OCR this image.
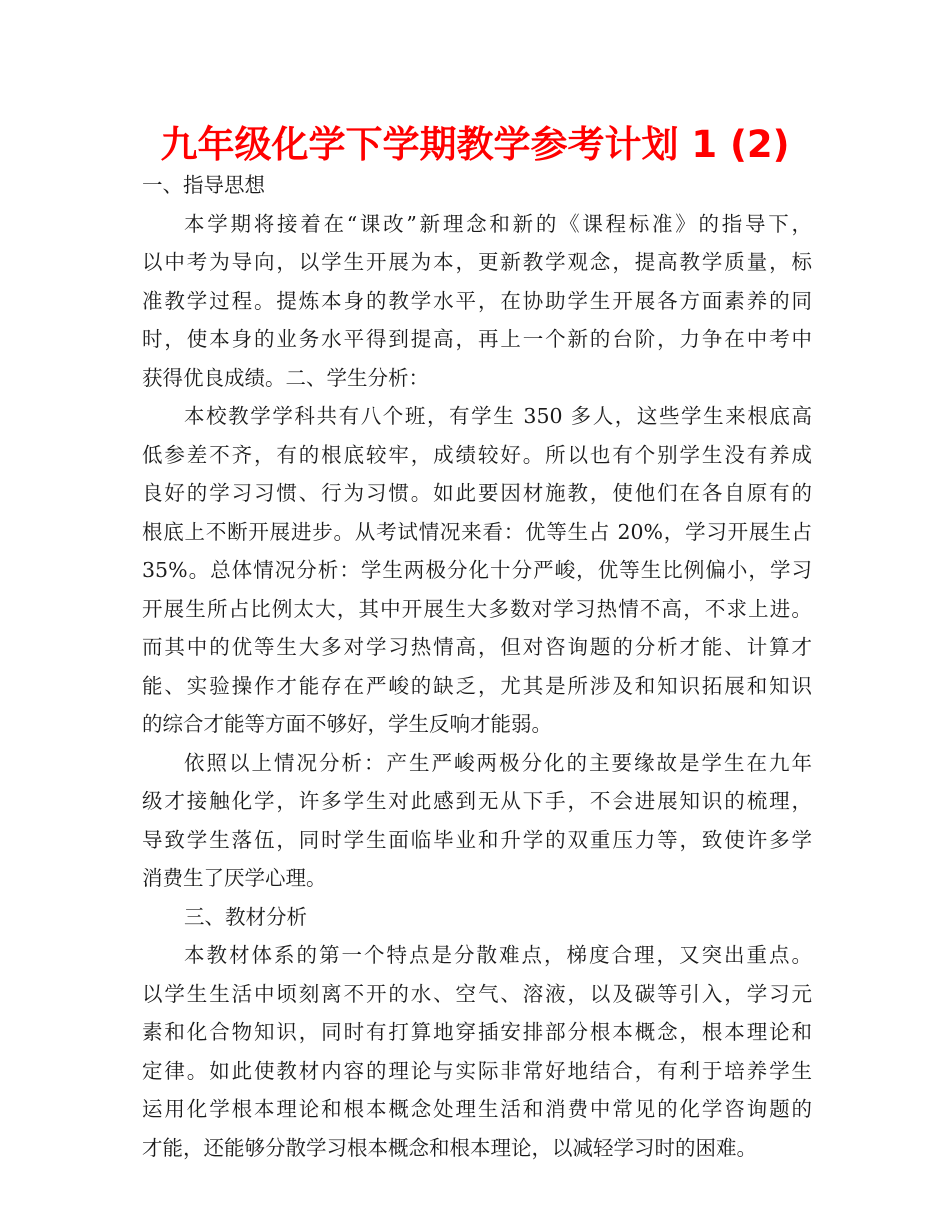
九年级化学下学期教学参考计划 1 (2)
一、指导思想
本学期将接着在“课改”新理念和新的《课程标准》的指导下，
以中考为导向，以学生开展为本，更新教学观念，提高教学质量，标
准教学过程。提炼本身的教学水平，在协助学生开展各方面素养的同
时，使本身的业务水平得到提高，再上一个新的台阶，力争在中考中
获得优良成绩。二、学生分析：
本校教学学科共有八个班，有学生 350 多人，这些学生来根底高
低参差不齐，有的根底较牢，成绩较好。所以也有个别学生没有养成
良好的学习习惯、行为习惯。如此要因材施教，使他们在各自原有的
根底上不断开展进步。从考试情况来看：优等生占 20%，学习开展生占
35%。总体情况分析：学生两极分化十分严峻，优等生比例偏小，学习
开展生所占比例太大，其中开展生大多数对学习热情不高，不求上进。
而其中的优等生大多对学习热情高，但对咨询题的分析才能、计算才
能、实验操作才能存在严峻的缺乏，尤其是所涉及和知识拓展和知识
的综合才能等方面不够好，学生反响才能弱。
依照以上情况分析：产生严峻两极分化的主要缘故是学生在九年
级才接触化学，许多学生对此感到无从下手，不会进展知识的梳理，
导致学生落伍，同时学生面临毕业和升学的双重压力等，致使许多学
消费生了厌学心理。
三、教材分析
本教材体系的第一个特点是分散难点，梯度合理，又突出重点。
以学生生活中顷刻离不开的水、空气、溶液，以及碳等引入，学习元
素和化合物知识，同时有打算地穿插安排部分根本概念，根本理论和
定律。如此使教材内容的理论与实际非常好地结合，有利于培养学生
运用化学根本理论和根本概念处理生活和消费中常见的化学咨询题的
才能，还能够分散学习根本概念和根本理论，以减轻学习时的困难。
